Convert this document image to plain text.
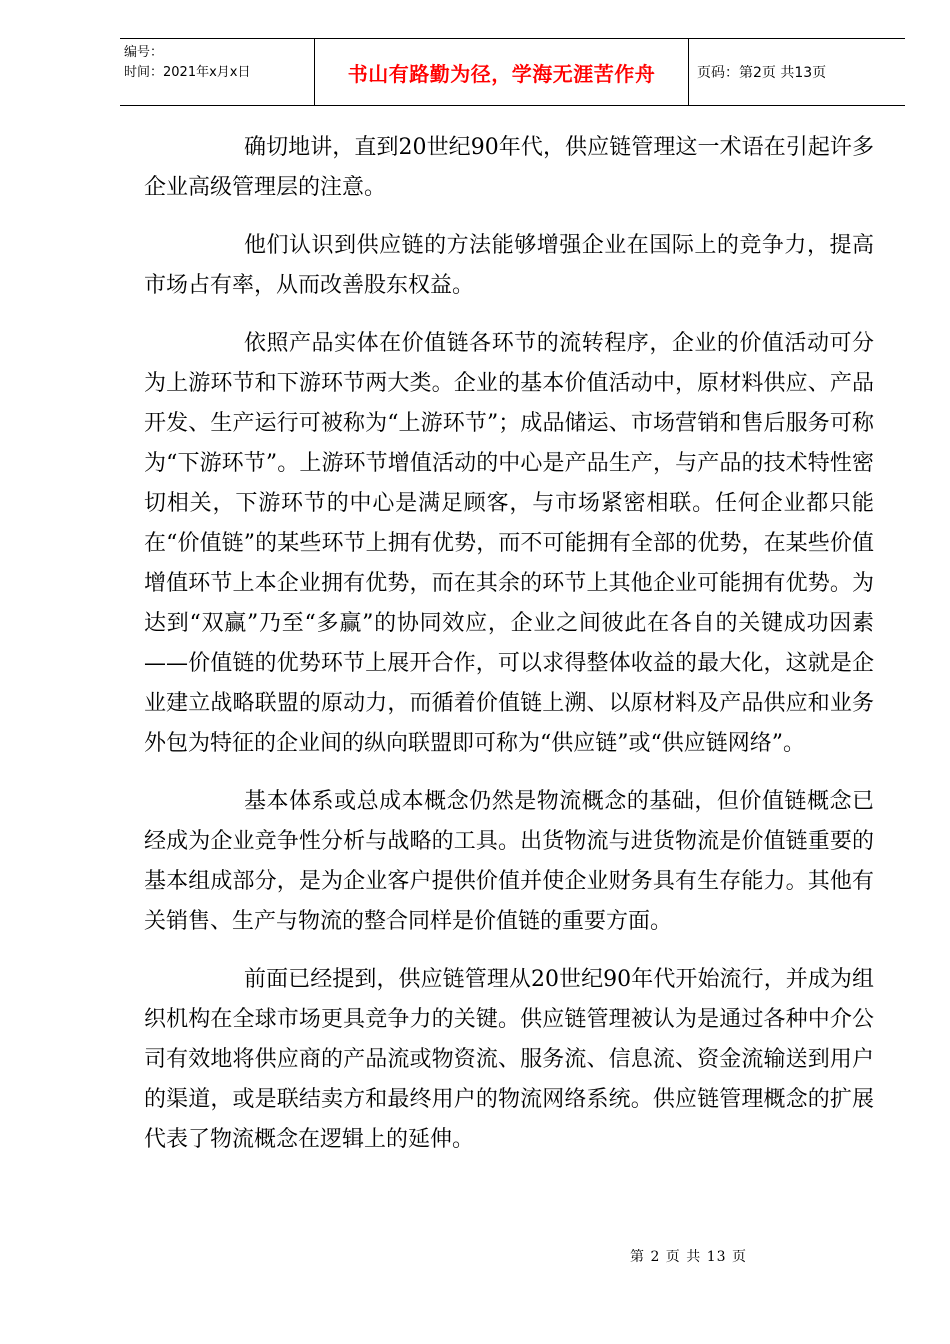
编号：
时间：2021年x月x日	书山有路勤为径，学海无涯苦作舟	页码：第2页 共13页

确切地讲，直到20世纪90年代，供应链管理这一术语在引起许多企业高级管理层的注意。

他们认识到供应链的方法能够增强企业在国际上的竞争力，提高市场占有率，从而改善股东权益。

依照产品实体在价值链各环节的流转程序，企业的价值活动可分为上游环节和下游环节两大类。企业的基本价值活动中，原材料供应、产品开发、生产运行可被称为“上游环节”；成品储运、市场营销和售后服务可称为“下游环节”。上游环节增值活动的中心是产品生产，与产品的技术特性密切相关，下游环节的中心是满足顾客，与市场紧密相联。任何企业都只能在“价值链”的某些环节上拥有优势，而不可能拥有全部的优势，在某些价值增值环节上本企业拥有优势，而在其余的环节上其他企业可能拥有优势。为达到“双赢”乃至“多赢”的协同效应，企业之间彼此在各自的关键成功因素——价值链的优势环节上展开合作，可以求得整体收益的最大化，这就是企业建立战略联盟的原动力，而循着价值链上溯、以原材料及产品供应和业务外包为特征的企业间的纵向联盟即可称为“供应链”或“供应链网络”。

基本体系或总成本概念仍然是物流概念的基础，但价值链概念已经成为企业竞争性分析与战略的工具。出货物流与进货物流是价值链重要的基本组成部分，是为企业客户提供价值并使企业财务具有生存能力。其他有关销售、生产与物流的整合同样是价值链的重要方面。

前面已经提到，供应链管理从20世纪90年代开始流行，并成为组织机构在全球市场更具竞争力的关键。供应链管理被认为是通过各种中介公司有效地将供应商的产品流或物资流、服务流、信息流、资金流输送到用户的渠道，或是联结卖方和最终用户的物流网络系统。供应链管理概念的扩展代表了物流概念在逻辑上的延伸。

第 2 页 共 13 页
